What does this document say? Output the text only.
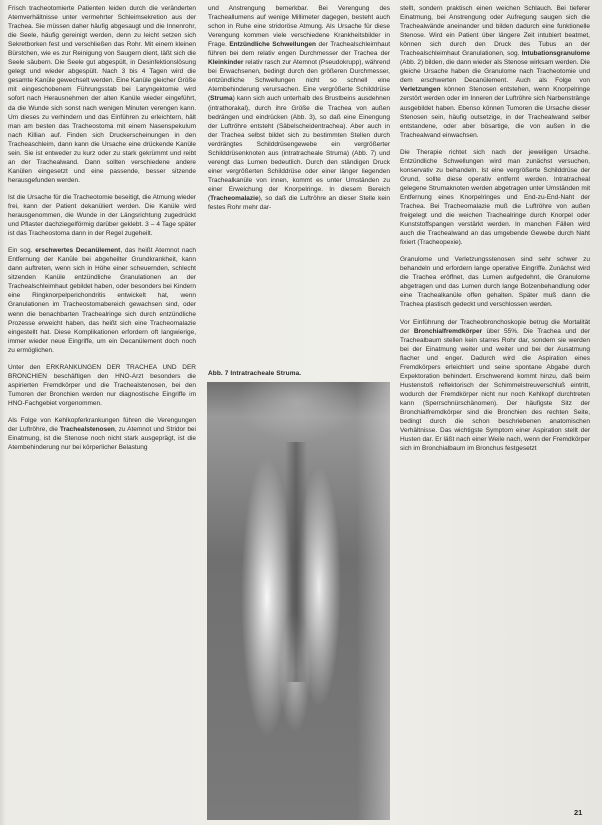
Frisch tracheotomierte Patienten leiden durch die veränderten Atemverhältnisse unter vermehrter Schleimsekretion aus der Trachea. Sie müssen daher häufig abgesaugt und die Innenrohr, die Seele, häufig gereinigt werden, denn zu leicht setzen sich Sekretborken fest und verschließen das Rohr. Mit einem kleinen Bürstchen, wie es zur Reinigung von Saugern dient, läßt sich die Seele säubern. Die Seele gut abgespült, in Desinfektionslösung gelegt und wieder abgespült. Nach 3 bis 4 Tagen wird die gesamte Kanüle gewechselt werden. Eine Kanüle gleicher Größe mit eingeschobenem Führungsstab bei Laryngektomie wird sofort nach Herausnehmen der alten Kanüle wieder eingeführt, da die Wunde sich sonst nach wenigen Minuten verengen kann. Um dieses zu verhindern und das Einführen zu erleichtern, hält man am besten das Tracheostoma mit einem Nasenspekulum nach Killian auf. Finden sich Druckerscheinungen in den Tracheaschleim, dann kann die Ursache eine drückende Kanüle sein. Sie ist entweder zu kurz oder zu stark gekrümmt und reibt an der Trachealwand. Dann sollten verschiedene andere Kanülen eingesetzt und eine passende, besser sitzende herausgefunden werden.

Ist die Ursache für die Tracheotomie beseitigt, die Atmung wieder frei, kann der Patient dekanüliert werden. Die Kanüle wird herausgenommen, die Wunde in der Längsrichtung zugedrückt und Pflaster dachziegelförmig darüber geklebt. 3 – 4 Tage später ist das Tracheostoma dann in der Regel zugeheilt.

Ein sog. erschwertes Decanülement, das heißt Atemnot nach Entfernung der Kanüle bei abgeheilter Grundkrankheit, kann dann auftreten, wenn sich in Höhe einer scheuernden, schlecht sitzenden Kanüle entzündliche Granulationen an der Trachealschleimhaut gebildet haben, oder besonders bei Kindern eine Ringknorpelperichondritis entwickelt hat, wenn Granulationen im Tracheostomabereich gewachsen sind, oder wenn die benachbarten Trachealringe sich durch entzündliche Prozesse erweicht haben, das heißt sich eine Tracheomalazie eingestellt hat. Diese Komplikationen erfordern oft langwierige, immer wieder neue Eingriffe, um ein Decanülement doch noch zu ermöglichen.

Unter den ERKRANKUNGEN DER TRACHEA UND DER BRONCHIEN beschäftigen den HNO-Arzt besonders die aspirierten Fremdkörper und die Trachealstenosen, bei den Tumoren der Bronchien werden nur diagnostische Eingriffe im HNO-Fachgebiet vorgenommen.

Als Folge von Kehlkopferkrankungen führen die Verengungen der Luftröhre, die Trachealstenosen, zu Atemnot und Stridor bei Einatmung, ist die Stenose noch nicht stark ausgeprägt, ist die Atembehinderung nur bei körperlicher Belastung

und Anstrengung bemerkbar. Bei Verengung des Tracheallumens auf wenige Millimeter dagegen, besteht auch schon in Ruhe eine stridoröse Atmung. Als Ursache für diese Verengung kommen viele verschiedene Krankheitsbilder in Frage. Entzündliche Schwellungen der Trachealschleimhaut führen bei dem relativ engen Durchmesser der Trachea der Kleinkinder relativ rasch zur Atemnot (Pseudokrupp), während bei Erwachsenen, bedingt durch den größeren Durchmesser, entzündliche Schwellungen nicht so schnell eine Atembehinderung verursachen. Eine vergrößerte Schilddrüse (Struma) kann sich auch unterhalb des Brustbeins ausdehnen (intrathorakal), durch ihre Größe die Trachea von außen bedrängen und eindrücken (Abb. 3), so daß eine Einengung der Luftröhre entsteht (Säbelscheidentrachea). Aber auch in der Trachea selbst bildet sich zu bestimmten Stellen durch verdrängtes Schilddrüsengewebe ein vergrößerter Schilddrüsenknoten aus (intratracheale Struma) (Abb. 7) und verengt das Lumen bedeutlich. Durch den ständigen Druck einer vergrößerten Schilddrüse oder einer länger liegenden Trachealkanüle von innen, kommt es unter Umständen zu einer Erweichung der Knorpelringe. In diesem Bereich (Tracheomalazie), so daß die Luftröhre an dieser Stelle kein festes Rohr mehr dar-

Abb. 7 Intratracheale Struma.

stellt, sondern praktisch einen weichen Schlauch. Bei tieferer Einatmung, bei Anstrengung oder Aufregung saugen sich die Trachealwände aneinander und bilden dadurch eine funktionelle Stenose. Wird ein Patient über längere Zeit intubiert beatmet, können sich durch den Druck des Tubus an der Trachealschleimhaut Granulationen, sog. Intubationsgranulome (Abb. 2) bilden, die dann wieder als Stenose wirksam werden. Die gleiche Ursache haben die Granulome nach Tracheotomie und dem erschwerten Decanülement. Auch als Folge von Verletzungen können Stenosen entstehen, wenn Knorpelringe zerstört werden oder im Inneren der Luftröhre sich Narbenstränge ausgebildet haben. Ebenso können Tumoren die Ursache dieser Stenosen sein, häufig outsetzige, in der Trachealwand selber entstandene, oder aber bösartige, die von außen in die Trachealwand einwachsen.

Die Therapie richtet sich nach der jeweiligen Ursache. Entzündliche Schwellungen wird man zunächst versuchen, konservativ zu behandeln. Ist eine vergrößerte Schilddrüse der Grund, sollte diese operativ entfernt werden. Intratracheal gelegene Strumaknoten werden abgetragen unter Umständen mit Entfernung eines Knorpelringes und End-zu-End-Naht der Trachea. Bei Tracheomalazie muß die Luftröhre von außen freigelegt und die weichen Trachealringe durch Knorpel oder Kunststoffspangen verstärkt werden. In manchen Fällen wird auch die Trachealwand an das umgebende Gewebe durch Naht fixiert (Tracheopexie).

Granulome und Verletzungsstenosen sind sehr schwer zu behandeln und erfordern lange operative Eingriffe. Zunächst wird die Trachea eröffnet, das Lumen aufgedehnt, die Granulome abgetragen und das Lumen durch lange Bolzenbehandlung oder eine Trachealkanüle offen gehalten. Später muß dann die Trachea plastisch gedeckt und verschlossen werden.

Vor Einführung der Tracheobronchoskopie betrug die Mortalität der Bronchialfremdkörper über 55%. Die Trachea und der Trachealbaum stellen kein starres Rohr dar, sondern sie werden bei der Einatmung weiter und weiter und bei der Ausatmung flacher und enger. Dadurch wird die Aspiration eines Fremdkörpers erleichtert und seine spontane Abgabe durch Expektoration behindert. Erschwerend kommt hinzu, daß beim Hustenstoß reflektorisch der Schimmelstreuverschluß eintritt, wodurch der Fremdkörper nicht nur noch Kehlkopf durchtreten kann (Sperrschnürschänomen). Der häufigste Sitz der Bronchialfremdkörper sind die Bronchien des rechten Seite, bedingt durch die schon beschriebenen anatomischen Verhältnisse. Das wichtigste Symptom einer Aspiration stellt der Husten dar. Er läßt nach einer Weile nach, wenn der Fremdkörper sich im Bronchialbaum im Bronchus festgesetzt

21
